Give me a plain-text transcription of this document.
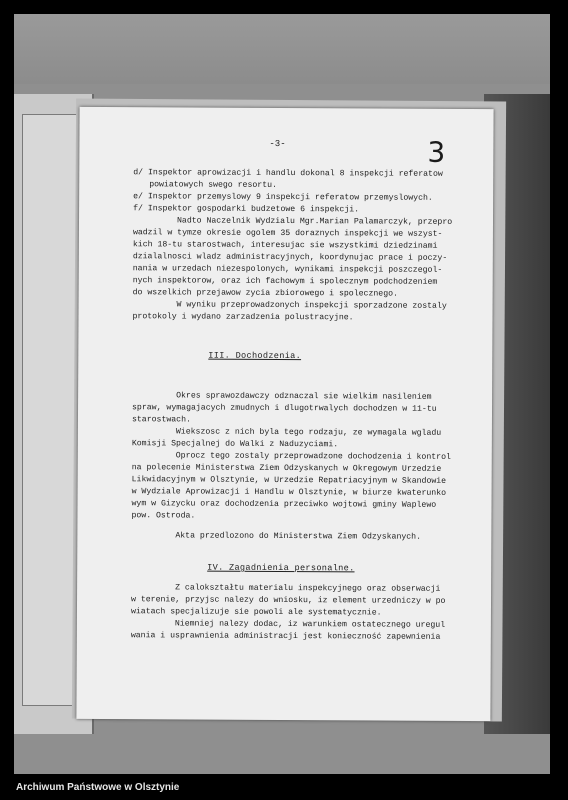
-3-	3
d/ Inspektor aprowizacji i handlu dokonal 8 inspekcji referatow
powiatowych swego resortu.
e/ Inspektor przemyslowy 9 inspekcji referatow przemyslowych.
f/ Inspektor gospodarki budzetowe 6 inspekcji.
Nadto Naczelnik Wydzialu Mgr.Marian Palamarczyk, przepro
wadzil w tymze okresie ogolem 35 doraznych inspekcji we wszyst-
kich 18-tu starostwach, interesujac sie wszystkimi dziedzinami
dzialalnosci wladz administracyjnych, koordynujac prace i poczy-
nania w urzedach niezespolonych, wynikami inspekcji poszczegol-
nych inspektorow, oraz ich fachowym i spolecznym podchodzeniem
do wszelkich przejawow zycia zbiorowego i spolecznego.
W wyniku przeprowadzonych inspekcji sporzadzone zostaly
protokoly i wydano zarzadzenia polustracyjne.
III. Dochodzenia.
Okres sprawozdawczy odznaczal sie wielkim nasileniem
spraw, wymagajacych zmudnych i dlugotrwalych dochodzen w 11-tu
starostwach.
Wiekszosc z nich byla tego rodzaju, ze wymagala wgladu
Komisji Specjalnej do Walki z Naduzyciami.
Oprocz tego zostaly przeprowadzone dochodzenia i kontrol
na polecenie Ministerstwa Ziem Odzyskanych w Okregowym Urzedzie
Likwidacyjnym w Olsztynie, w Urzedzie Repatriacyjnym w Skandowie
w Wydziale Aprowizacji i Handlu w Olsztynie, w biurze kwaterunko
wym w Gizycku oraz dochodzenia przeciwko wojtowi gminy Waplewo
pow. Ostroda.
Akta przedlozono do Ministerstwa Ziem Odzyskanych.
IV. Zagadnienia personalne.
Z calokształtu materialu inspekcyjnego oraz obserwacji
w terenie, przyjsc nalezy do wniosku, iz element urzedniczy w po
wiatach specjalizuje sie powoli ale systematycznie.
Niemniej nalezy dodac, iz warunkiem ostatecznego uregul
wania i usprawnienia administracji jest konieczność zapewnienia
Archiwum Państwowe w Olsztynie
